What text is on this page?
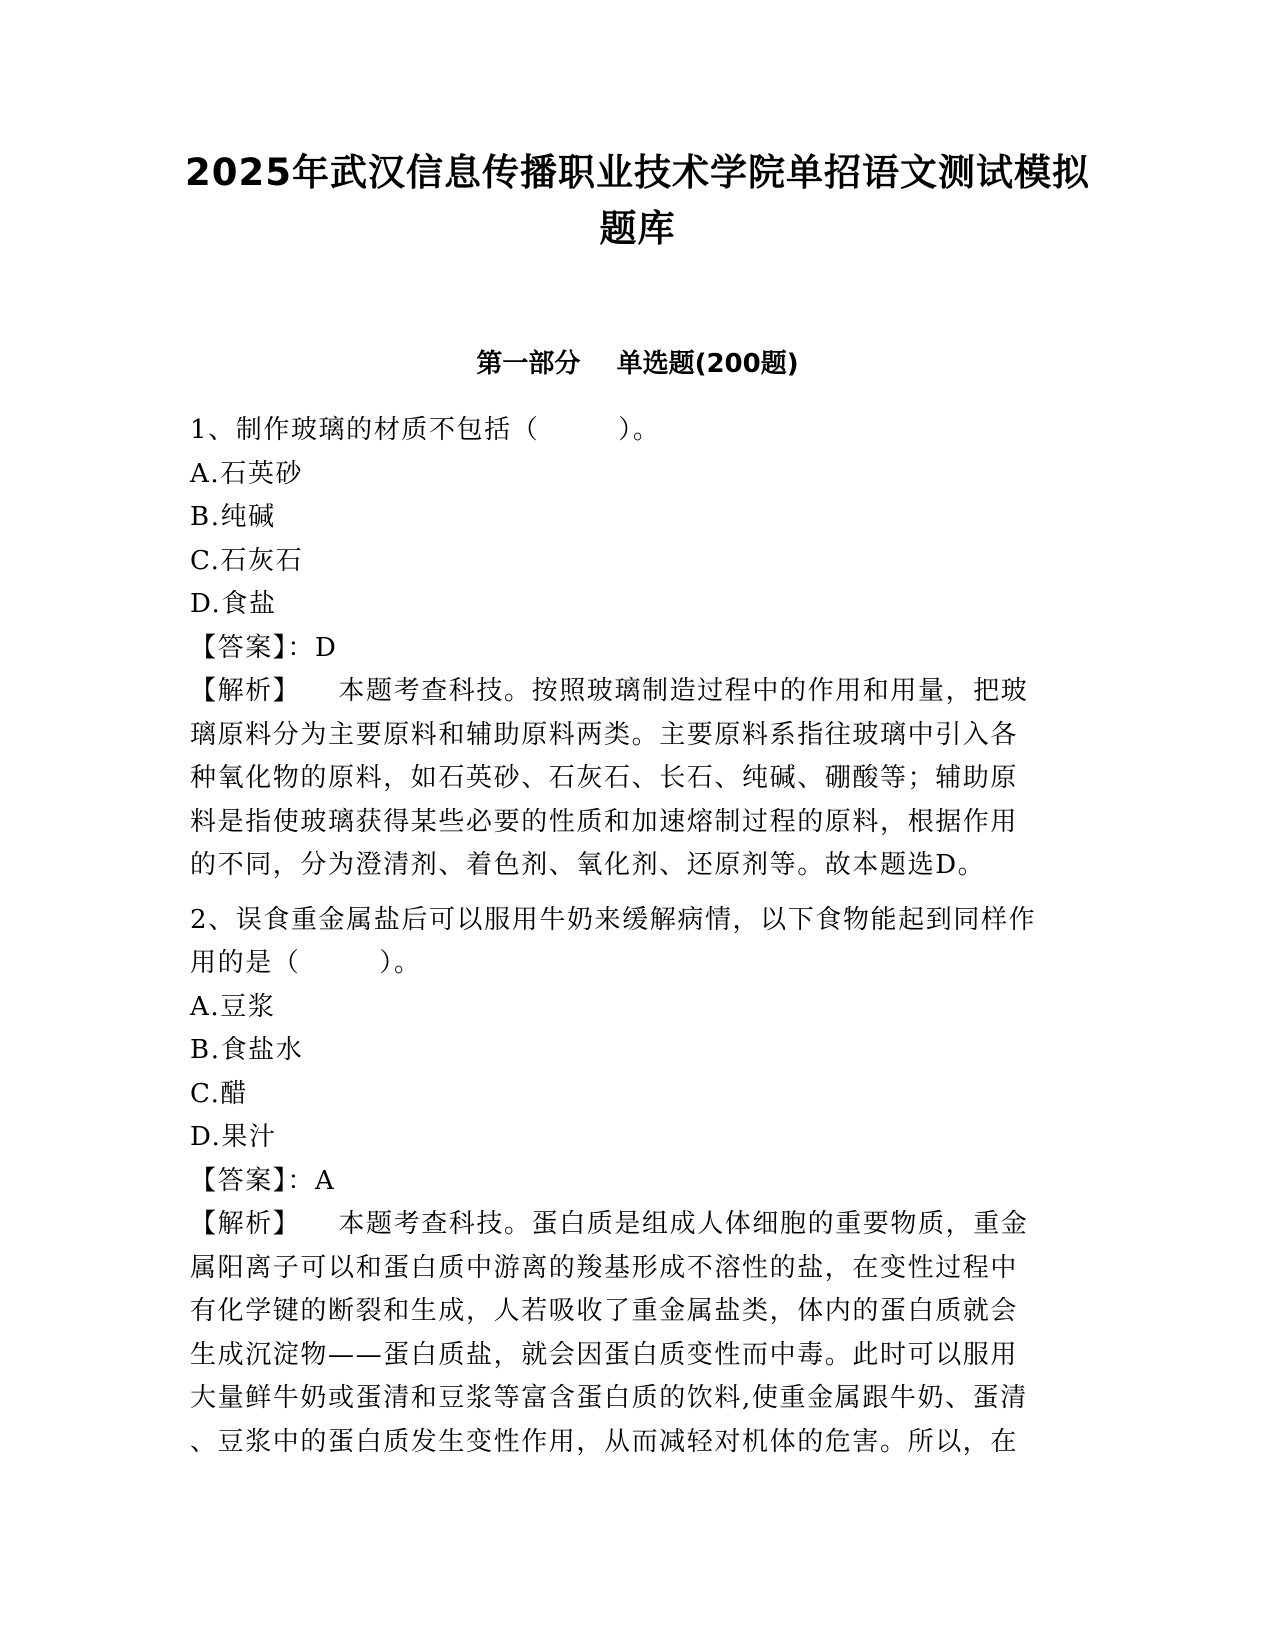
2025年武汉信息传播职业技术学院单招语文测试模拟
题库
第一部分    单选题(200题)

1、制作玻璃的材质不包括（        ）。

A.石英砂

B.纯碱

C.石灰石

D.食盐

【答案】：D

【解析】 本题考查科技。按照玻璃制造过程中的作用和用量，把玻

璃原料分为主要原料和辅助原料两类。主要原料系指往玻璃中引入各

种氧化物的原料，如石英砂、石灰石、长石、纯碱、硼酸等；辅助原

料是指使玻璃获得某些必要的性质和加速熔制过程的原料，根据作用

的不同，分为澄清剂、着色剂、氧化剂、还原剂等。故本题选D。

2、误食重金属盐后可以服用牛奶来缓解病情，以下食物能起到同样作

用的是（        ）。

A.豆浆

B.食盐水

C.醋

D.果汁

【答案】：A

【解析】 本题考查科技。蛋白质是组成人体细胞的重要物质，重金

属阳离子可以和蛋白质中游离的羧基形成不溶性的盐，在变性过程中

有化学键的断裂和生成，人若吸收了重金属盐类，体内的蛋白质就会

生成沉淀物——蛋白质盐，就会因蛋白质变性而中毒。此时可以服用

大量鲜牛奶或蛋清和豆浆等富含蛋白质的饮料,使重金属跟牛奶、蛋清

、豆浆中的蛋白质发生变性作用，从而减轻对机体的危害。所以，在
